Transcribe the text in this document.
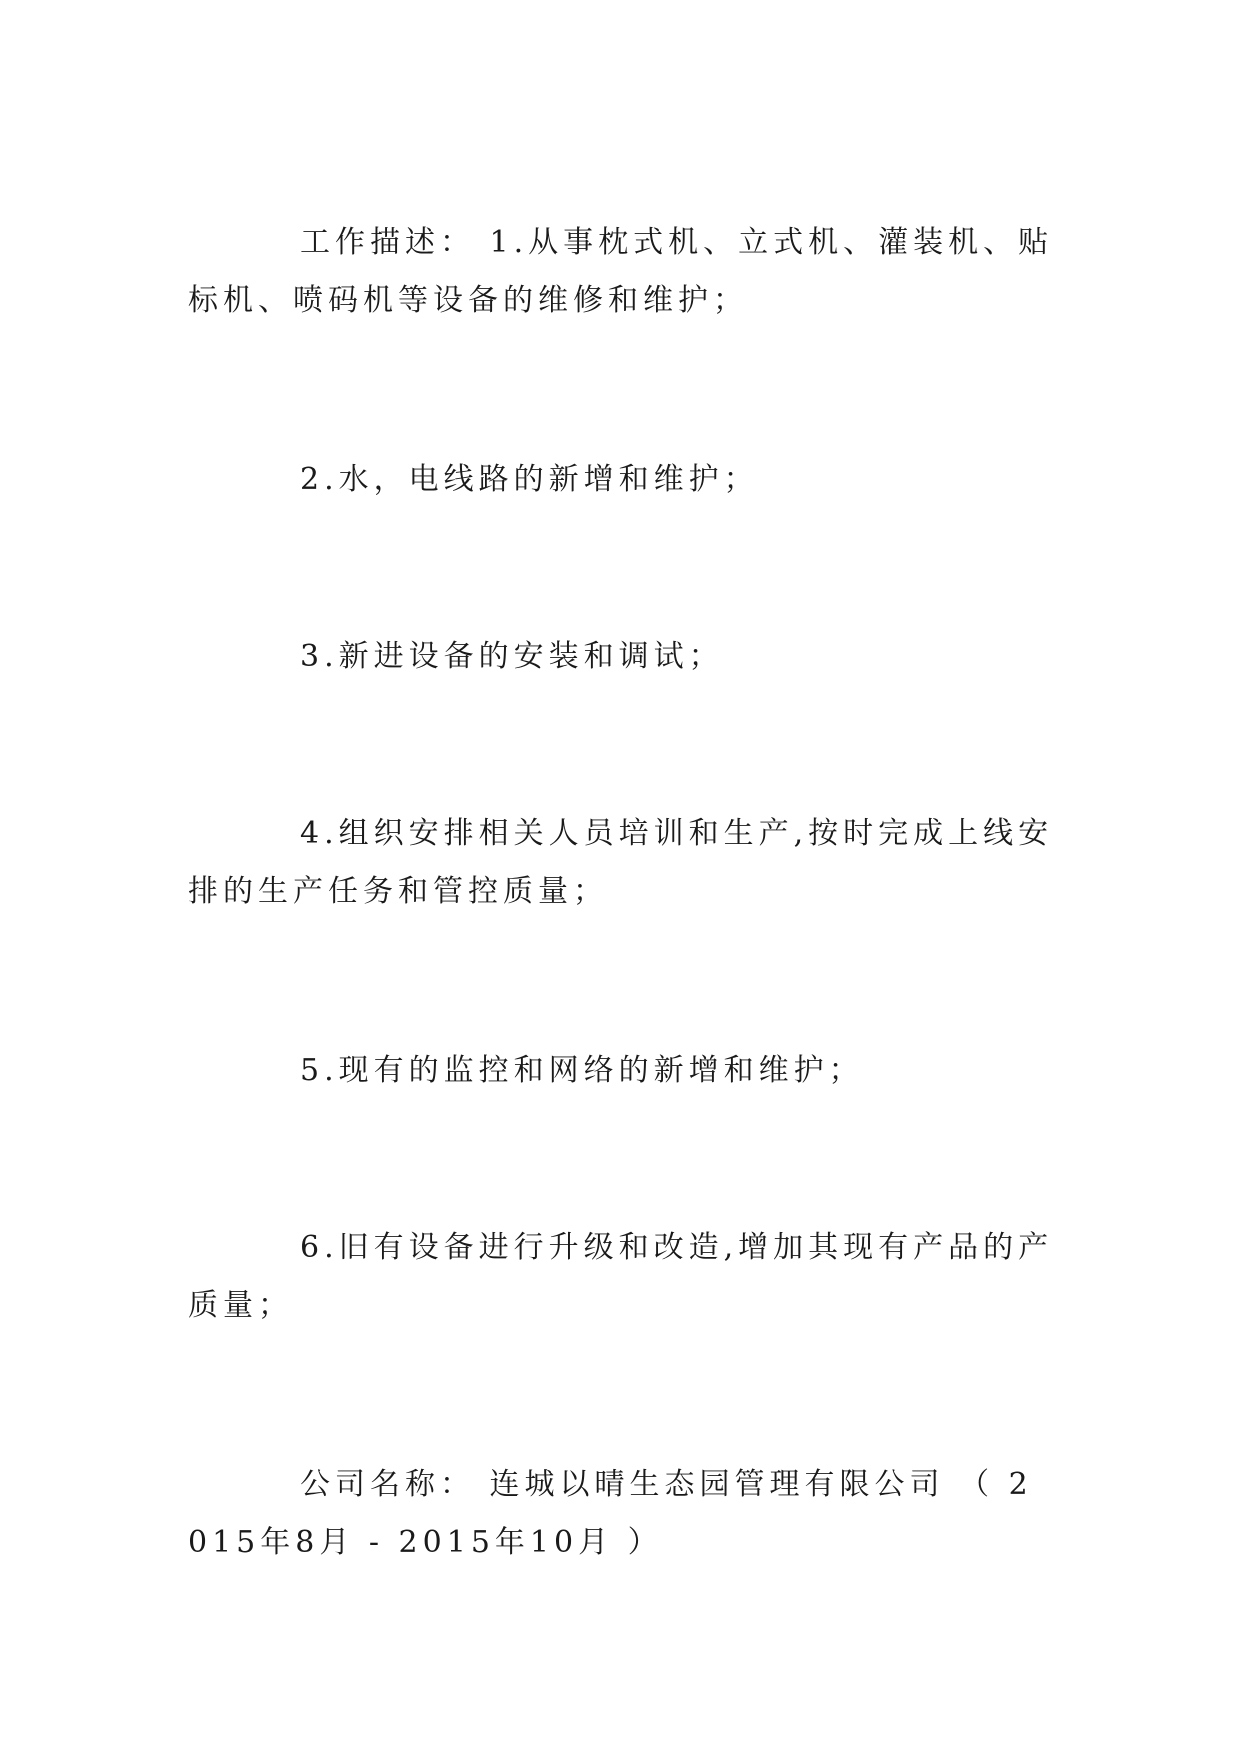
工作描述： 1.从事枕式机、立式机、灌装机、贴标机、喷码机等设备的维修和维护；

2.水，电线路的新增和维护；

3.新进设备的安装和调试；

4.组织安排相关人员培训和生产,按时完成上线安排的生产任务和管控质量；

5.现有的监控和网络的新增和维护；

6.旧有设备进行升级和改造,增加其现有产品的产质量；

公司名称： 连城以晴生态园管理有限公司 （ 2015年8月 - 2015年10月 ）
